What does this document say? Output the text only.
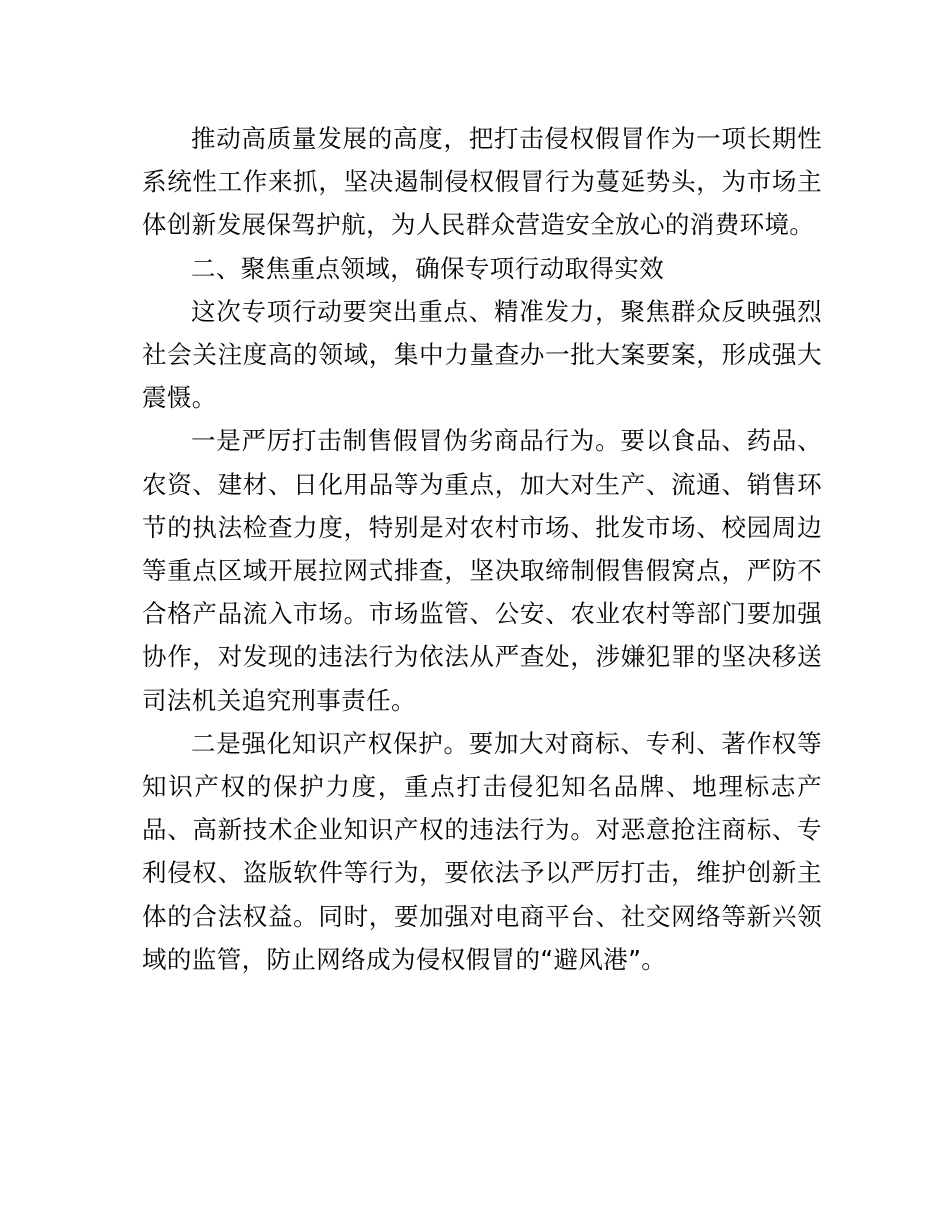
推动高质量发展的高度，把打击侵权假冒作为一项长期性系统性工作来抓，坚决遏制侵权假冒行为蔓延势头，为市场主体创新发展保驾护航，为人民群众营造安全放心的消费环境。

二、聚焦重点领域，确保专项行动取得实效

这次专项行动要突出重点、精准发力，聚焦群众反映强烈社会关注度高的领域，集中力量查办一批大案要案，形成强大震慑。

一是严厉打击制售假冒伪劣商品行为。要以食品、药品、农资、建材、日化用品等为重点，加大对生产、流通、销售环节的执法检查力度，特别是对农村市场、批发市场、校园周边等重点区域开展拉网式排查，坚决取缔制假售假窝点，严防不合格产品流入市场。市场监管、公安、农业农村等部门要加强协作，对发现的违法行为依法从严查处，涉嫌犯罪的坚决移送司法机关追究刑事责任。

二是强化知识产权保护。要加大对商标、专利、著作权等知识产权的保护力度，重点打击侵犯知名品牌、地理标志产品、高新技术企业知识产权的违法行为。对恶意抢注商标、专利侵权、盗版软件等行为，要依法予以严厉打击，维护创新主体的合法权益。同时，要加强对电商平台、社交网络等新兴领域的监管，防止网络成为侵权假冒的“避风港”。
